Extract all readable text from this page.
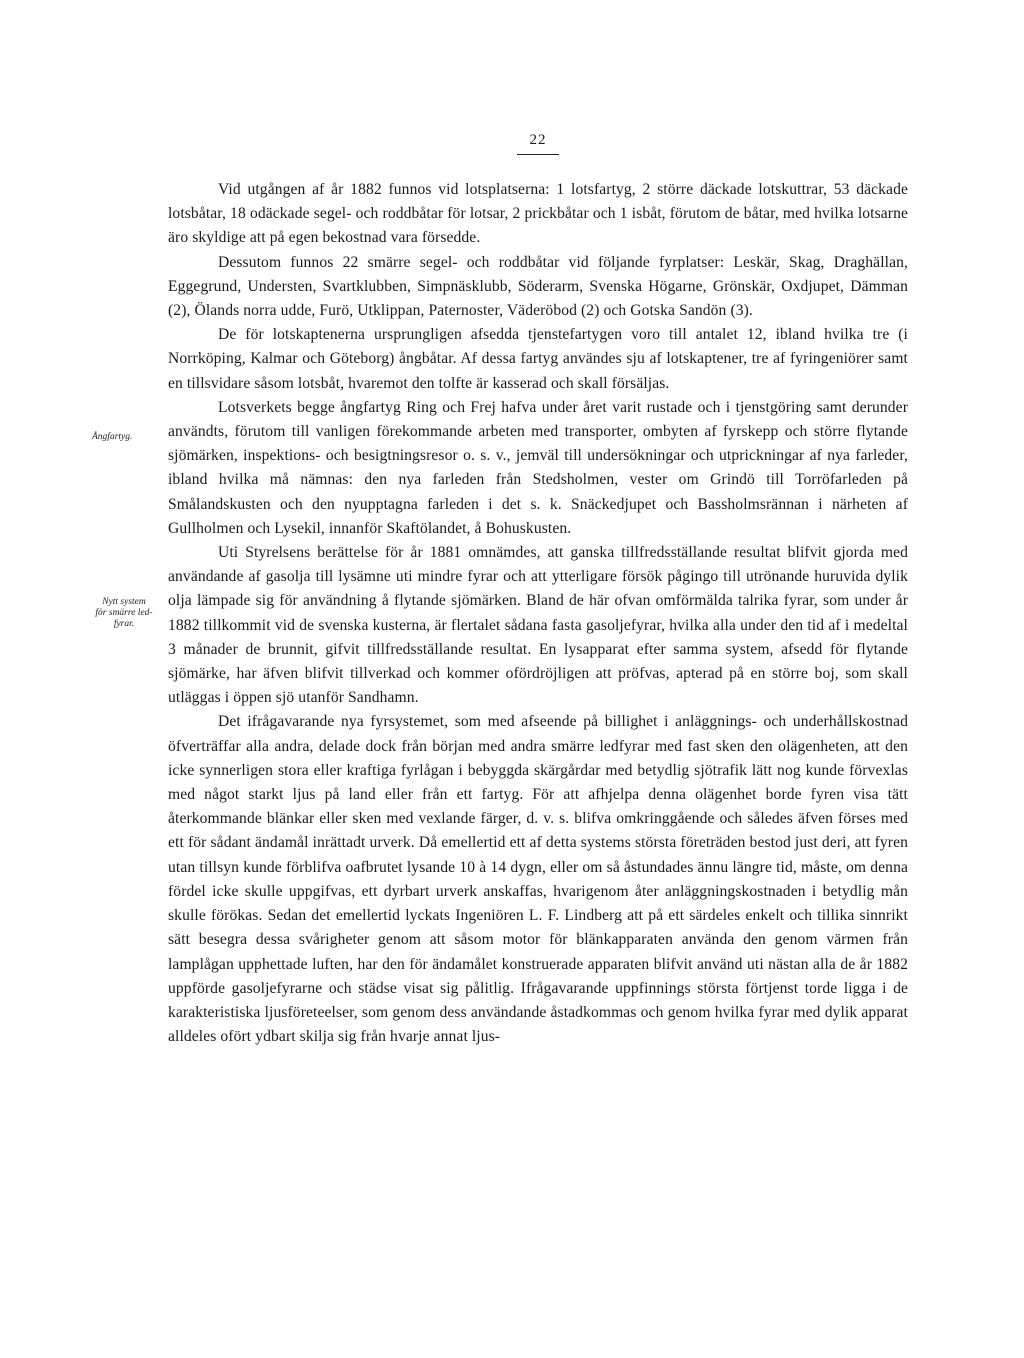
22
Ångfartyg.
Nytt system
för smärre led-
fyrar.

Vid utgången af år 1882 funnos vid lotsplatserna: 1 lotsfartyg, 2 större däckade lotskuttrar, 53 däckade lotsbåtar, 18 odäckade segel- och roddbåtar för lotsar, 2 prickbåtar och 1 isbåt, förutom de båtar, med hvilka lotsarne äro skyldige att på egen bekostnad vara försedde.

Dessutom funnos 22 smärre segel- och roddbåtar vid följande fyrplatser: Leskär, Skag, Draghällan, Eggegrund, Understen, Svartklubben, Simpnäsklubb, Söderarm, Svenska Högarne, Grönskär, Oxdjupet, Dämman (2), Ölands norra udde, Furö, Utklippan, Paternoster, Väderöbod (2) och Gotska Sandön (3).

De för lotskaptenerna ursprungligen afsedda tjenstefartygen voro till antalet 12, ibland hvilka tre (i Norrköping, Kalmar och Göteborg) ångbåtar. Af dessa fartyg användes sju af lotskaptener, tre af fyringeniörer samt en tillsvidare såsom lotsbåt, hvaremot den tolfte är kasserad och skall försäljas.

Lotsverkets begge ångfartyg Ring och Frej hafva under året varit rustade och i tjenstgöring samt derunder användts, förutom till vanligen förekommande arbeten med transporter, ombyten af fyrskepp och större flytande sjömärken, inspektions- och besigtningsresor o. s. v., jemväl till undersökningar och utprickningar af nya farleder, ibland hvilka må nämnas: den nya farleden från Stedsholmen, vester om Grindö till Torröfarleden på Smålandskusten och den nyupptagna farleden i det s. k. Snäckedjupet och Bassholmsrännan i närheten af Gullholmen och Lysekil, innanför Skaftölandet, å Bohuskusten.

Uti Styrelsens berättelse för år 1881 omnämdes, att ganska tillfredsställande resultat blifvit gjorda med användande af gasolja till lysämne uti mindre fyrar och att ytterligare försök pågingo till utrönande huruvida dylik olja lämpade sig för användning å flytande sjömärken. Bland de här ofvan omförmälda talrika fyrar, som under år 1882 tillkommit vid de svenska kusterna, är flertalet sådana fasta gasoljefyrar, hvilka alla under den tid af i medeltal 3 månader de brunnit, gifvit tillfredsställande resultat. En lysapparat efter samma system, afsedd för flytande sjömärke, har äfven blifvit tillverkad och kommer ofördröjligen att pröfvas, apterad på en större boj, som skall utläggas i öppen sjö utanför Sandhamn.

Det ifrågavarande nya fyrsystemet, som med afseende på billighet i anläggnings- och underhållskostnad öfverträffar alla andra, delade dock från början med andra smärre ledfyrar med fast sken den olägenheten, att den icke synnerligen stora eller kraftiga fyrlågan i bebyggda skärgårdar med betydlig sjötrafik lätt nog kunde förvexlas med något starkt ljus på land eller från ett fartyg. För att afhjelpa denna olägenhet borde fyren visa tätt återkommande blänkar eller sken med vexlande färger, d. v. s. blifva omkringgående och således äfven förses med ett för sådant ändamål inrättadt urverk. Då emellertid ett af detta systems största företräden bestod just deri, att fyren utan tillsyn kunde förblifva oafbrutet lysande 10 à 14 dygn, eller om så åstundades ännu längre tid, måste, om denna fördel icke skulle uppgifvas, ett dyrbart urverk anskaffas, hvarigenom åter anläggningskostnaden i betydlig mån skulle förökas. Sedan det emellertid lyckats Ingeniören L. F. Lindberg att på ett särdeles enkelt och tillika sinnrikt sätt besegra dessa svårigheter genom att såsom motor för blänkapparaten använda den genom värmen från lamplågan upphettade luften, har den för ändamålet konstruerade apparaten blifvit använd uti nästan alla de år 1882 uppförde gasoljefyrarne och städse visat sig pålitlig. Ifrågavarande uppfinnings största förtjenst torde ligga i de karakteristiska ljusföreteelser, som genom dess användande åstadkommas och genom hvilka fyrar med dylik apparat alldeles ofört ydbart skilja sig från hvarje annat ljus-
